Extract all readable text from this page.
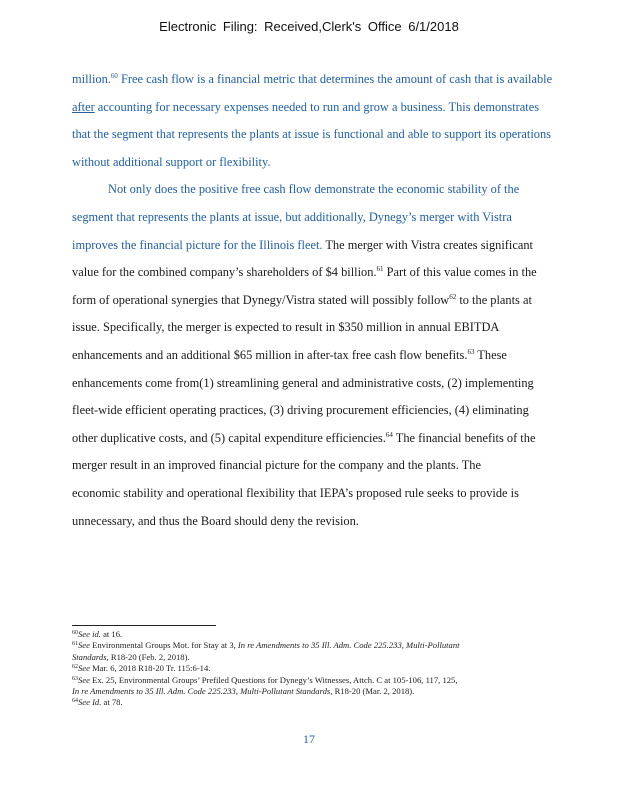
Electronic Filing: Received,Clerk's Office 6/1/2018
million.$^{60}$ Free cash flow is a financial metric that determines the amount of cash that is available
after accounting for necessary expenses needed to run and grow a business. This demonstrates
that the segment that represents the plants at issue is functional and able to support its operations
without additional support or flexibility.
Not only does the positive free cash flow demonstrate the economic stability of the
segment that represents the plants at issue, but additionally, Dynegy’s merger with Vistra
improves the financial picture for the Illinois fleet. The merger with Vistra creates significant
value for the combined company’s shareholders of $4 billion.$^{61}$ Part of this value comes in the
form of operational synergies that Dynegy/Vistra stated will possibly follow$^{62}$ to the plants at
issue. Specifically, the merger is expected to result in $350 million in annual EBITDA
enhancements and an additional $65 million in after-tax free cash flow benefits.$^{63}$ These
enhancements come from(1) streamlining general and administrative costs, (2) implementing
fleet-wide efficient operating practices, (3) driving procurement efficiencies, (4) eliminating
other duplicative costs, and (5) capital expenditure efficiencies.$^{64}$ The financial benefits of the
merger result in an improved financial picture for the company and the plants. The
economic stability and operational flexibility that IEPA’s proposed rule seeks to provide is
unnecessary, and thus the Board should deny the revision.
$^{60}$See id. at 16.
$^{61}$See Environmental Groups Mot. for Stay at 3, In re Amendments to 35 Ill. Adm. Code 225.233, Multi-Pollutant
Standards, R18-20 (Feb. 2, 2018).
$^{62}$See Mar. 6, 2018 R18-20 Tr. 115:6-14.
$^{63}$See Ex. 25, Environmental Groups’ Prefiled Questions for Dynegy’s Witnesses, Attch. C at 105-106, 117, 125,
In re Amendments to 35 Ill. Adm. Code 225.233, Multi-Pollutant Standards, R18-20 (Mar. 2, 2018).
$^{64}$See Id. at 78.
17
